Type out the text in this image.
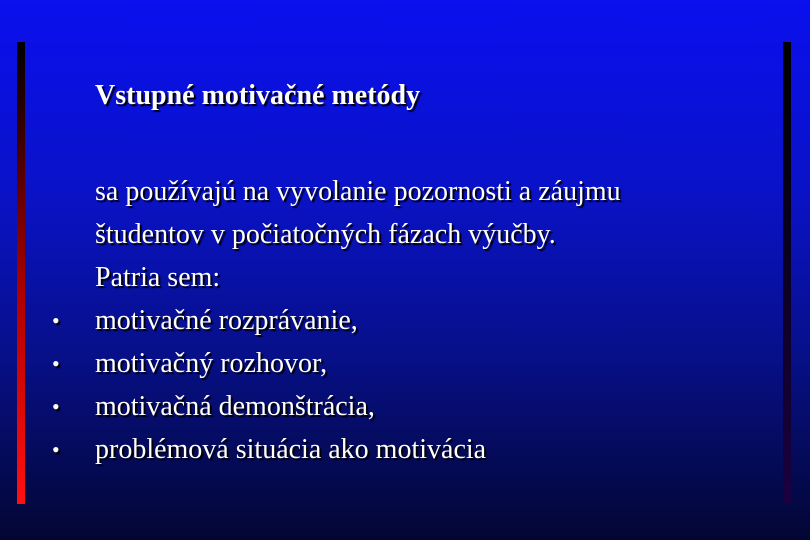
Vstupné motivačné metódy
sa používajú na vyvolanie pozornosti a záujmu
študentov v počiatočných fázach výučby.
Patria sem:
• motivačné rozprávanie,
• motivačný rozhovor,
• motivačná demonštrácia,
• problémová situácia ako motivácia
